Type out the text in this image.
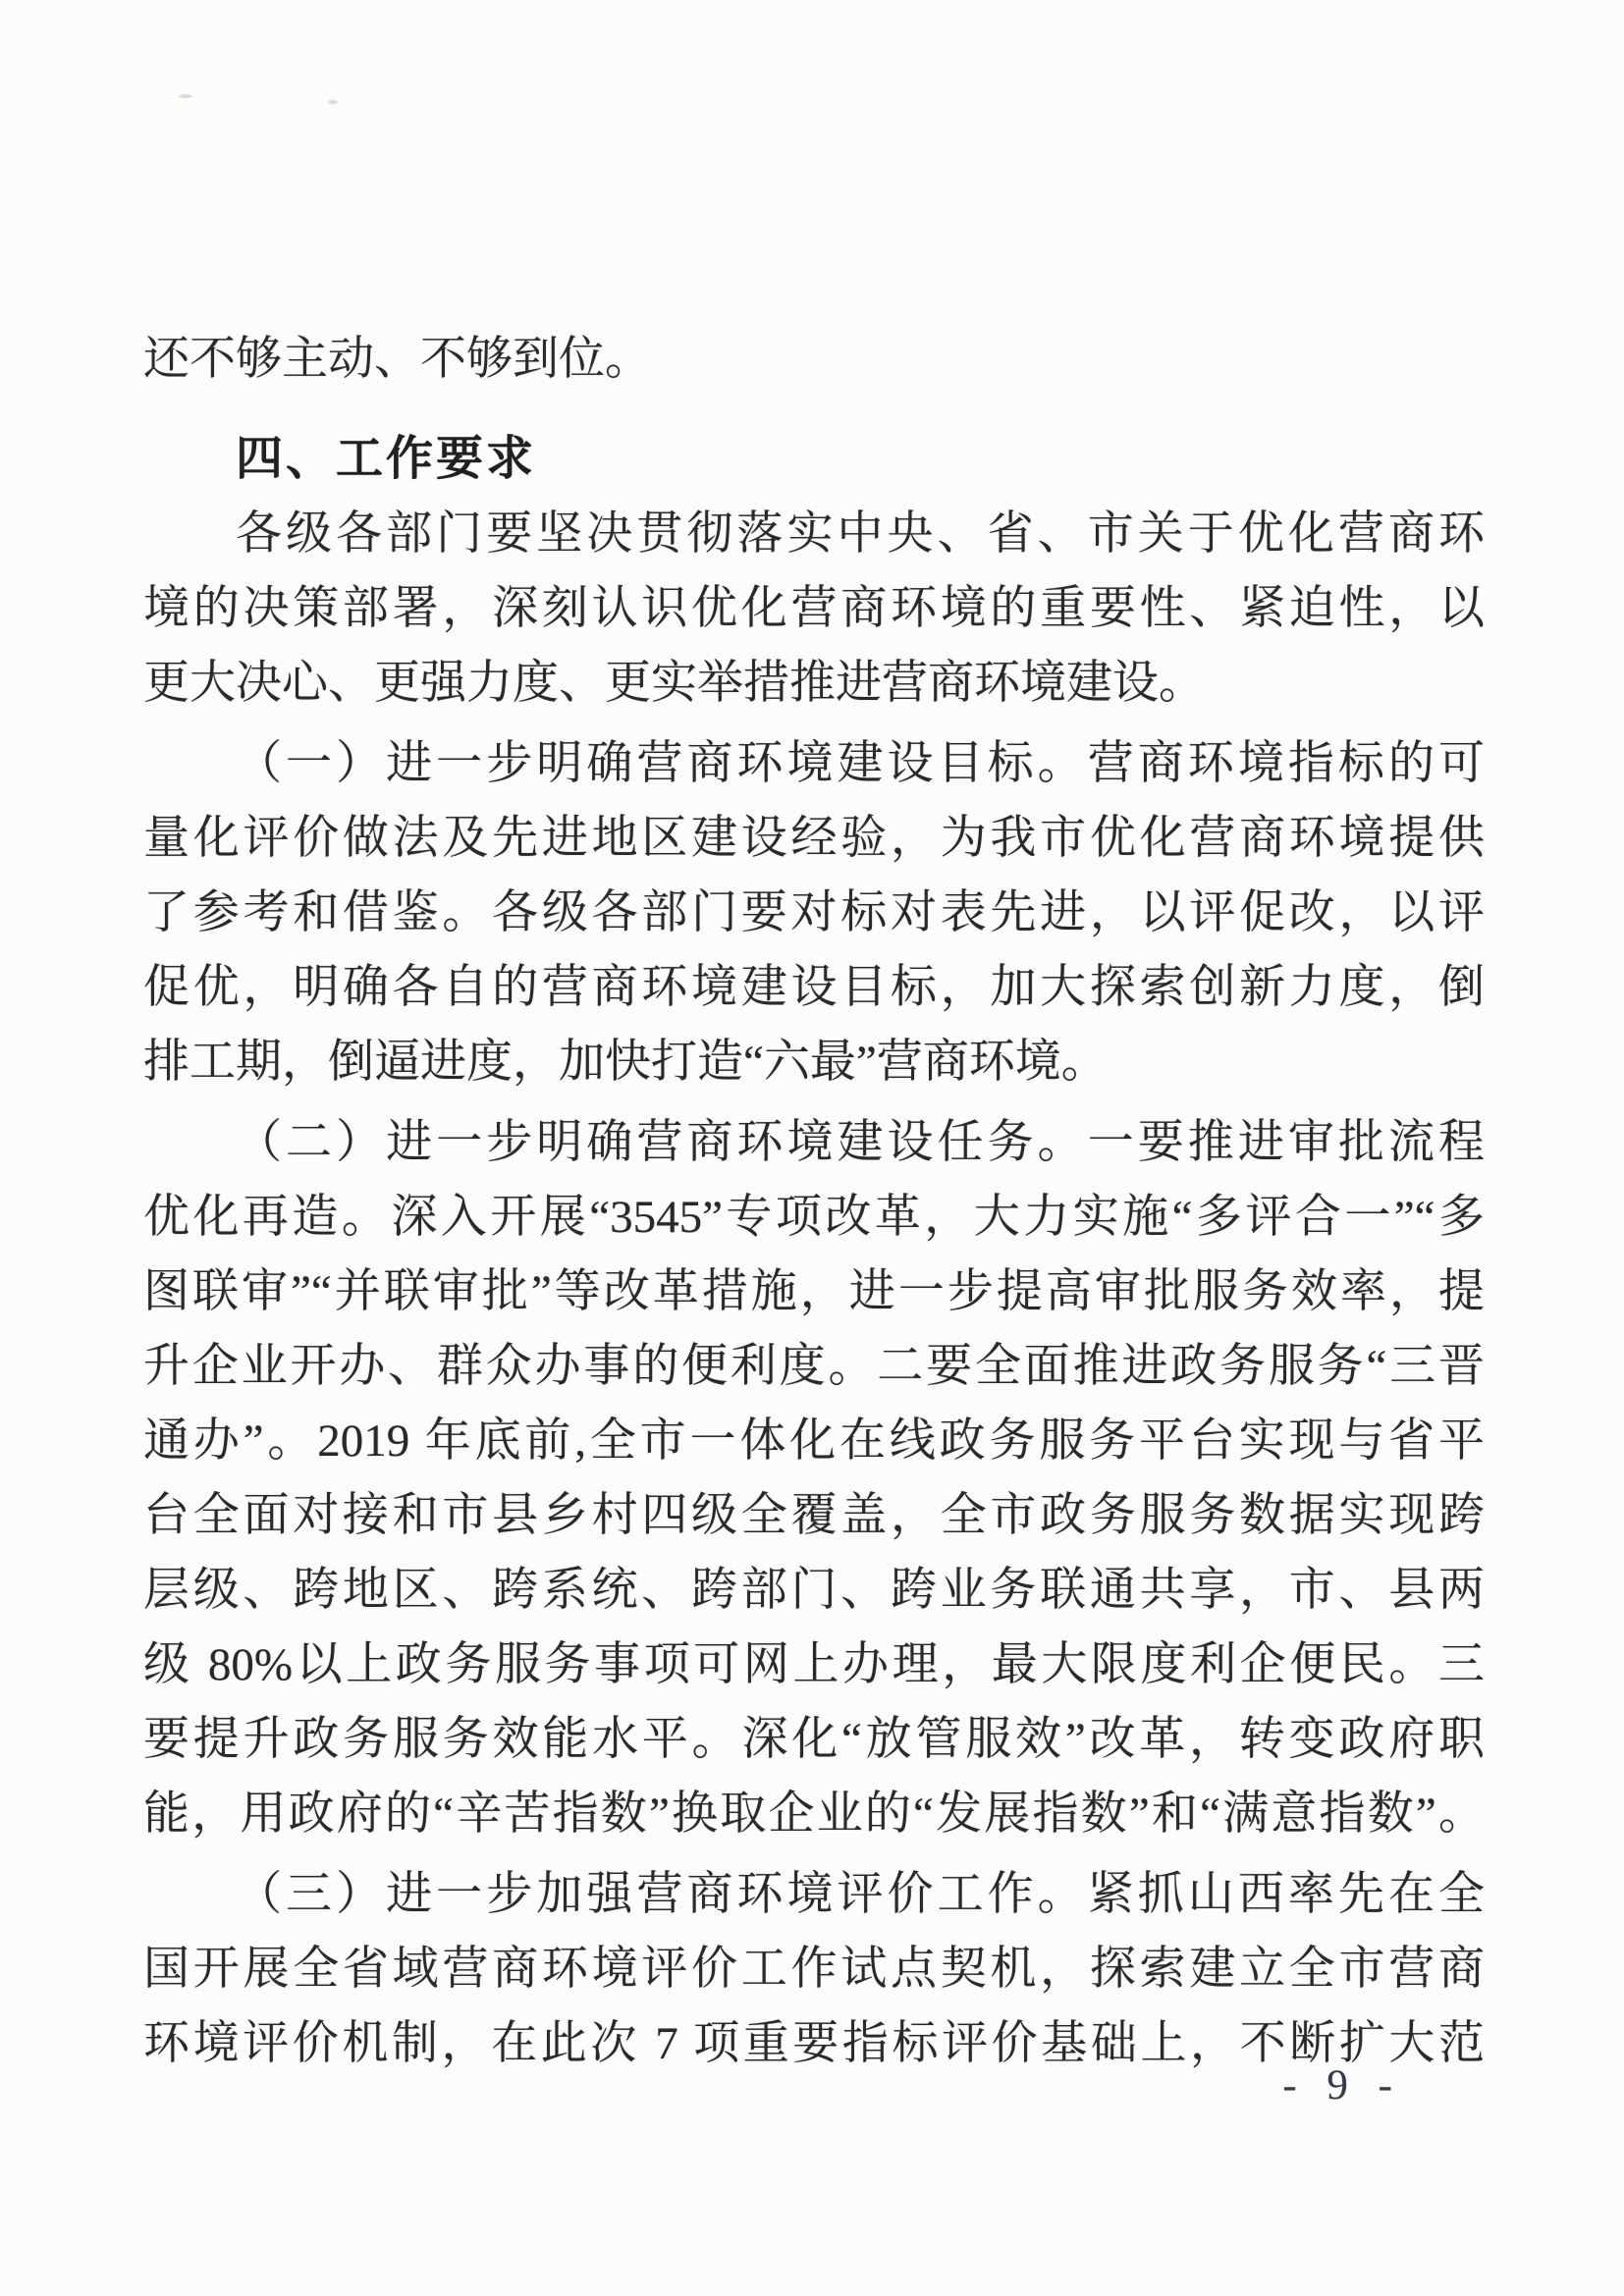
还不够主动、不够到位。
四、工作要求
各级各部门要坚决贯彻落实中央、省、市关于优化营商环
境的决策部署，深刻认识优化营商环境的重要性、紧迫性，以
更大决心、更强力度、更实举措推进营商环境建设。
（一）进一步明确营商环境建设目标。营商环境指标的可
量化评价做法及先进地区建设经验，为我市优化营商环境提供
了参考和借鉴。各级各部门要对标对表先进，以评促改，以评
促优，明确各自的营商环境建设目标，加大探索创新力度，倒
排工期，倒逼进度，加快打造“六最”营商环境。
（二）进一步明确营商环境建设任务。一要推进审批流程
优化再造。深入开展“3545”专项改革，大力实施“多评合一”“多
图联审”“并联审批”等改革措施，进一步提高审批服务效率，提
升企业开办、群众办事的便利度。二要全面推进政务服务“三晋
通办”。2019 年底前,全市一体化在线政务服务平台实现与省平
台全面对接和市县乡村四级全覆盖，全市政务服务数据实现跨
层级、跨地区、跨系统、跨部门、跨业务联通共享，市、县两
级 80%以上政务服务事项可网上办理，最大限度利企便民。三
要提升政务服务效能水平。深化“放管服效”改革，转变政府职
能，用政府的“辛苦指数”换取企业的“发展指数”和“满意指数”。
（三）进一步加强营商环境评价工作。紧抓山西率先在全
国开展全省域营商环境评价工作试点契机，探索建立全市营商
环境评价机制，在此次 7 项重要指标评价基础上，不断扩大范
- 9 -
